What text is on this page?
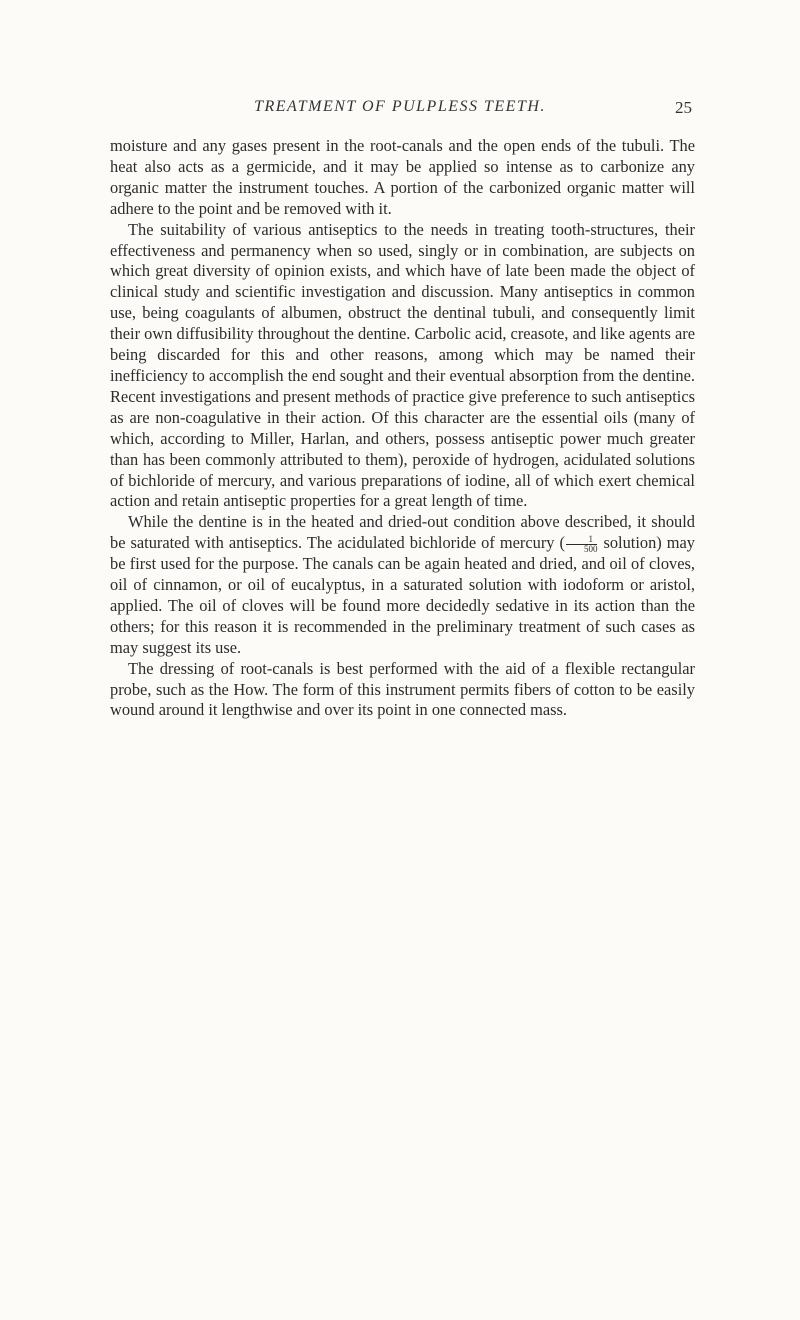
TREATMENT OF PULPLESS TEETH.	25

moisture and any gases present in the root-canals and the open ends of the tubuli. The heat also acts as a germicide, and it may be applied so intense as to carbonize any organic matter the instrument touches. A portion of the carbonized organic matter will adhere to the point and be removed with it.

The suitability of various antiseptics to the needs in treating tooth-structures, their effectiveness and permanency when so used, singly or in combination, are subjects on which great diversity of opinion exists, and which have of late been made the object of clinical study and scientific investigation and discussion. Many antiseptics in common use, being coagulants of albumen, obstruct the dentinal tubuli, and consequently limit their own diffusibility throughout the dentine. Carbolic acid, creasote, and like agents are being discarded for this and other reasons, among which may be named their inefficiency to accomplish the end sought and their eventual absorption from the dentine. Recent investigations and present methods of practice give preference to such antiseptics as are non-coagulative in their action. Of this character are the essential oils (many of which, according to Miller, Harlan, and others, possess antiseptic power much greater than has been commonly attributed to them), peroxide of hydrogen, acidulated solutions of bichloride of mercury, and various preparations of iodine, all of which exert chemical action and retain antiseptic properties for a great length of time.

While the dentine is in the heated and dried-out condition above described, it should be saturated with antiseptics. The acidulated bichloride of mercury ( $\frac{1}{500}$ solution) may be first used for the purpose. The canals can be again heated and dried, and oil of cloves, oil of cinnamon, or oil of eucalyptus, in a saturated solution with iodoform or aristol, applied. The oil of cloves will be found more decidedly sedative in its action than the others; for this reason it is recommended in the preliminary treatment of such cases as may suggest its use.

The dressing of root-canals is best performed with the aid of a flexible rectangular probe, such as the How. The form of this instrument permits fibers of cotton to be easily wound around it lengthwise and over its point in one connected mass.
